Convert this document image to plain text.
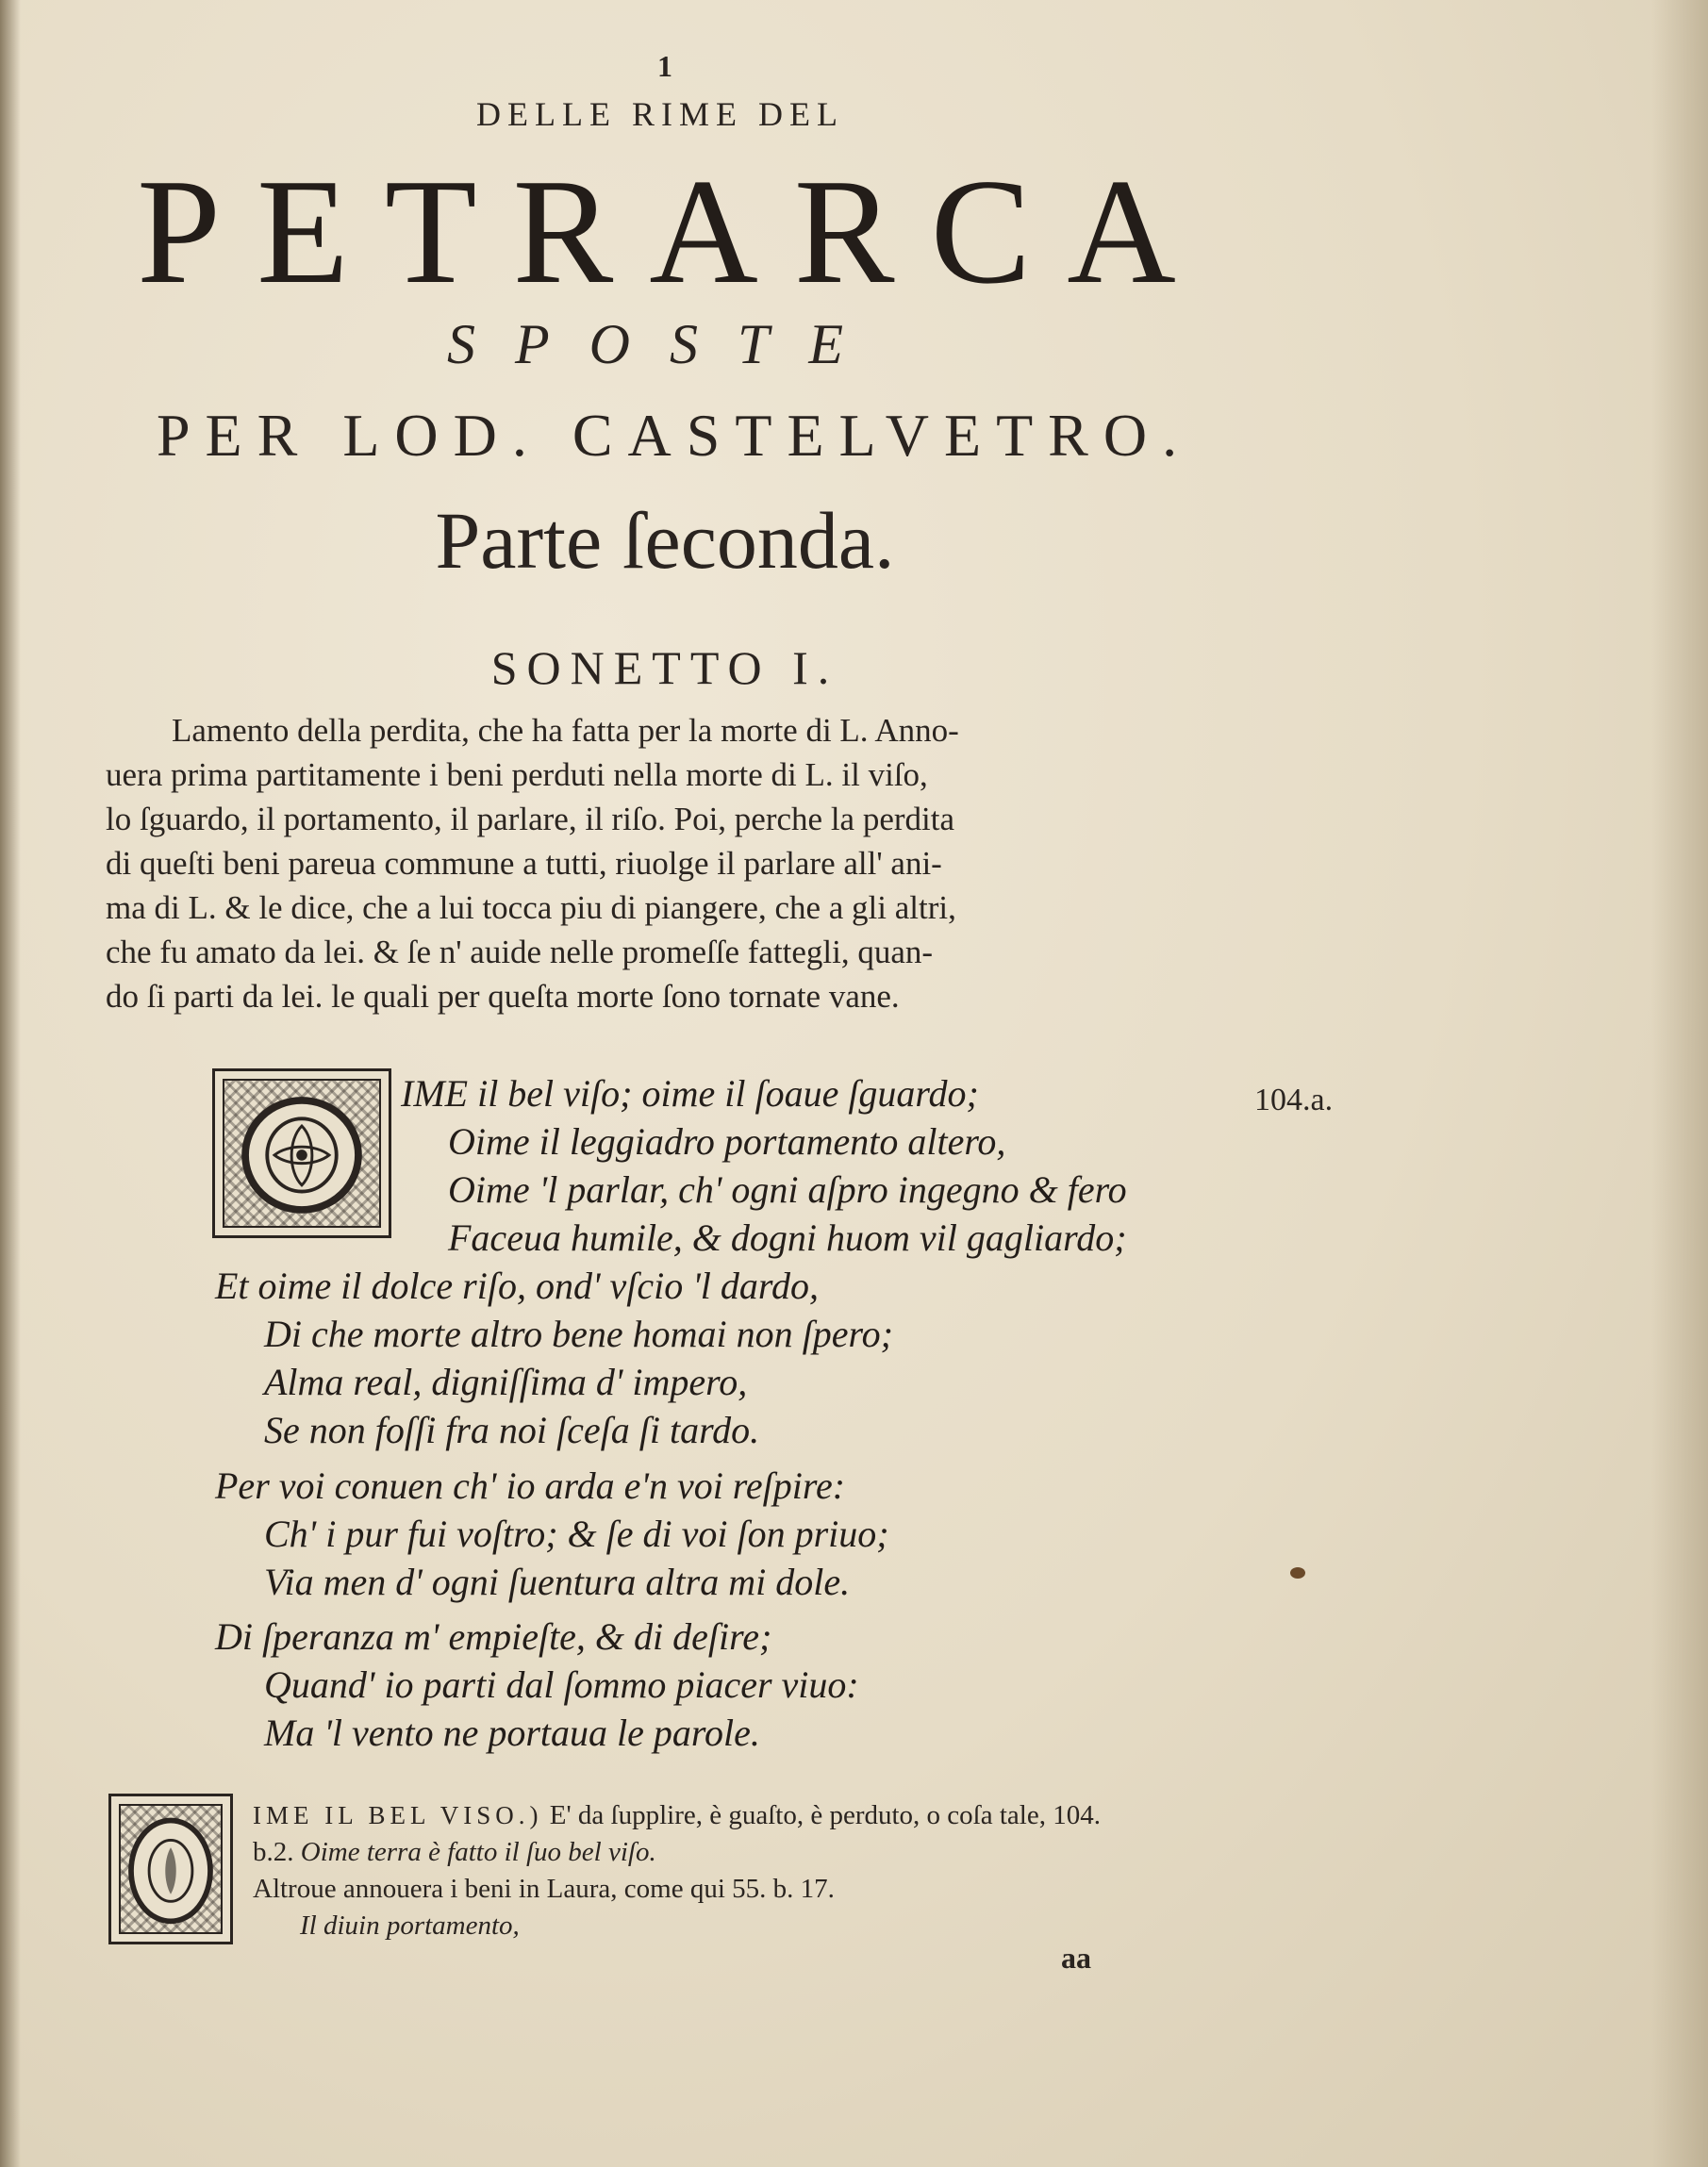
1
DELLE RIME DEL
PETRARCA
SPOSTE
PER LOD. CASTELVETRO.
Parte ſeconda.
SONETTO I.
Lamento della perdita, che ha fatta per la morte di L. Anno-
uera prima partitamente i beni perduti nella morte di L. il viſo,
lo ſguardo, il portamento, il parlare, il riſo. Poi, perche la perdita
di queſti beni pareua commune a tutti, riuolge il parlare all' ani-
ma di L. & le dice, che a lui tocca piu di piangere, che a gli altri,
che fu amato da lei. & ſe n' auide nelle promeſſe fattegli, quan-
do ſi parti da lei. le quali per queſta morte ſono tornate vane.
104.a.
IME il bel viſo; oime il ſoaue ſguardo;
Oime il leggiadro portamento altero,
Oime 'l parlar, ch' ogni aſpro ingegno & fero
Faceua humile, & dogni huom vil gagliardo;
Et oime il dolce riſo, ond' vſcio 'l dardo,
Di che morte altro bene homai non ſpero;
Alma real, digniſſima d' impero,
Se non foſſi fra noi ſceſa ſi tardo.
Per voi conuen ch' io arda e'n voi reſpire:
Ch' i pur fui voſtro; & ſe di voi ſon priuo;
Via men d' ogni ſuentura altra mi dole.
Di ſperanza m' empieſte, & di deſire;
Quand' io parti dal ſommo piacer viuo:
Ma 'l vento ne portaua le parole.
IME IL BEL VISO.) E' da ſupplire, è guaſto, è perduto, o coſa tale, 104.
b.2. Oime terra è fatto il ſuo bel viſo.
Altroue annouera i beni in Laura, come qui 55. b. 17.
Il diuin portamento,
aa
